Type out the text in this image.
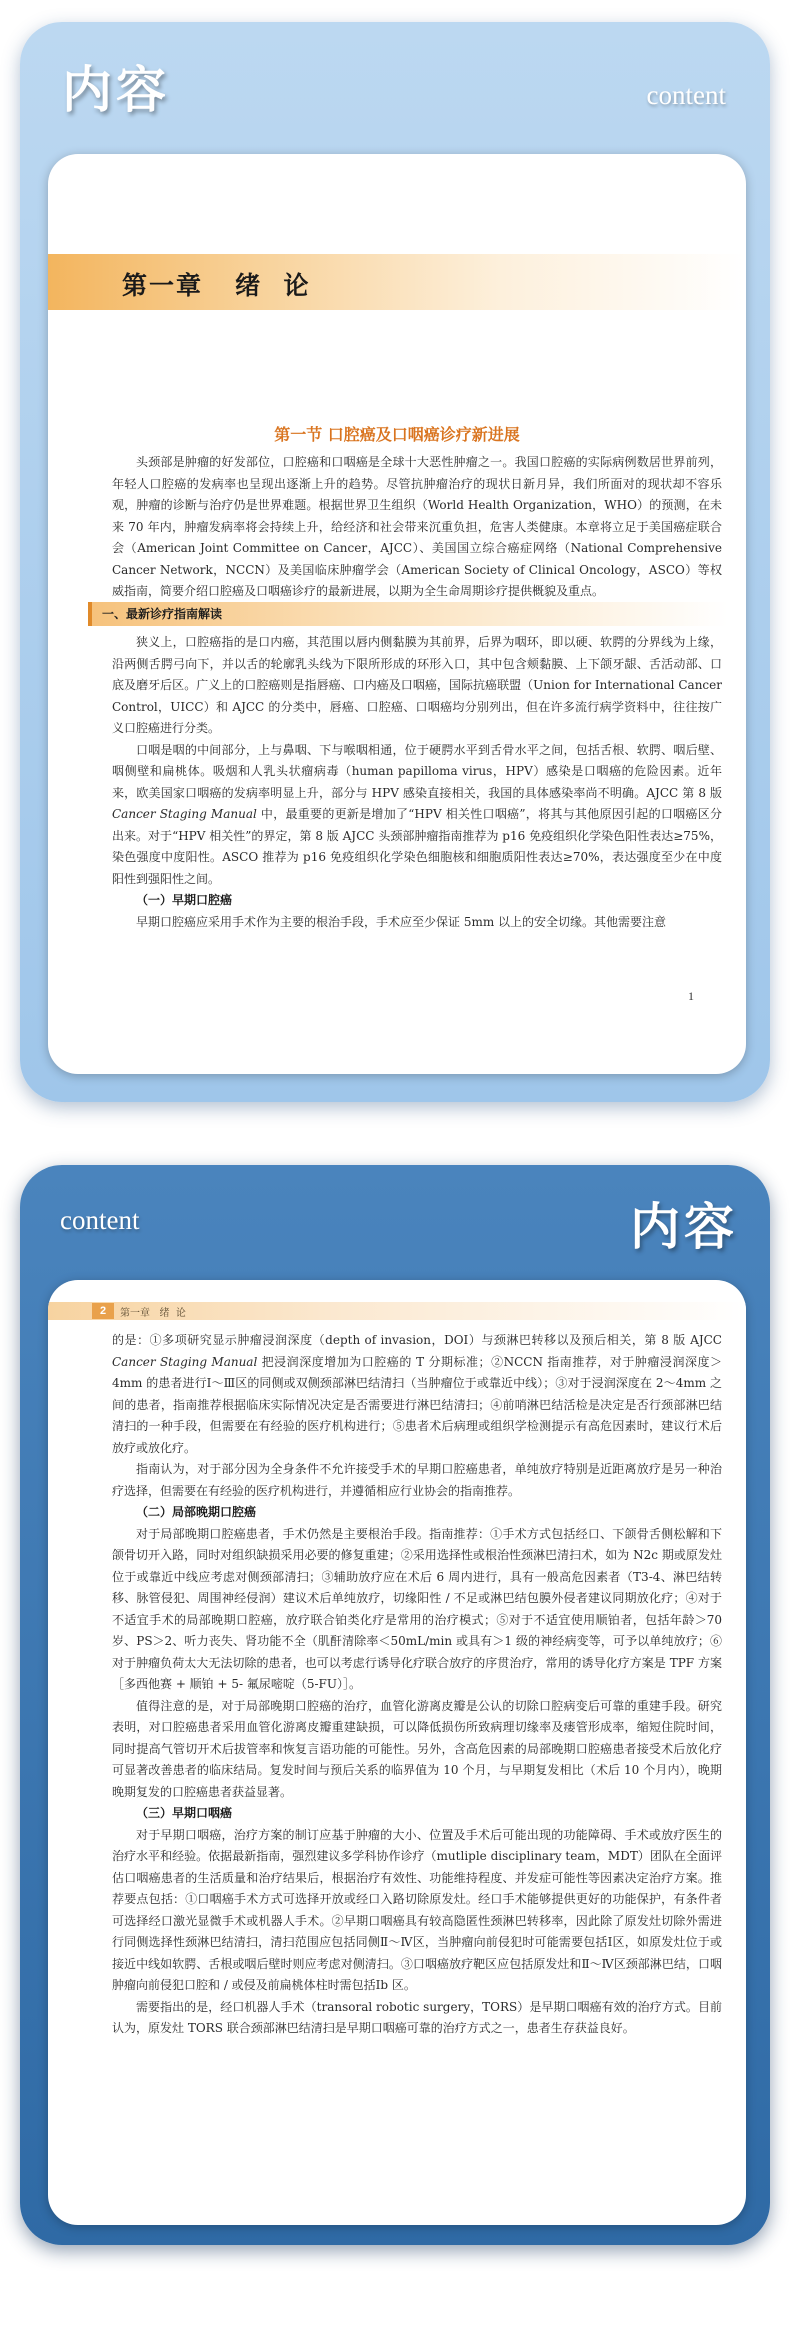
内容	content
第一章   绪  论
第一节 口腔癌及口咽癌诊疗新进展

头颈部是肿瘤的好发部位，口腔癌和口咽癌是全球十大恶性肿瘤之一。我国口腔癌的实际病例数居世界前列，年轻人口腔癌的发病率也呈现出逐渐上升的趋势。尽管抗肿瘤治疗的现状日新月异，我们所面对的现状却不容乐观，肿瘤的诊断与治疗仍是世界难题。根据世界卫生组织（World Health Organization，WHO）的预测，在未来 70 年内，肿瘤发病率将会持续上升，给经济和社会带来沉重负担，危害人类健康。本章将立足于美国癌症联合会（American Joint Committee on Cancer，AJCC）、美国国立综合癌症网络（National Comprehensive Cancer Network，NCCN）及美国临床肿瘤学会（American Society of Clinical Oncology，ASCO）等权威指南，简要介绍口腔癌及口咽癌诊疗的最新进展，以期为全生命周期诊疗提供概貌及重点。

一、最新诊疗指南解读

狭义上，口腔癌指的是口内癌，其范围以唇内侧黏膜为其前界，后界为咽环，即以硬、软腭的分界线为上缘，沿两侧舌腭弓向下，并以舌的轮廓乳头线为下限所形成的环形入口，其中包含颊黏膜、上下颌牙龈、舌活动部、口底及磨牙后区。广义上的口腔癌则是指唇癌、口内癌及口咽癌，国际抗癌联盟（Union for International Cancer Control，UICC）和 AJCC 的分类中，唇癌、口腔癌、口咽癌均分别列出，但在许多流行病学资料中，往往按广义口腔癌进行分类。

口咽是咽的中间部分，上与鼻咽、下与喉咽相通，位于硬腭水平到舌骨水平之间，包括舌根、软腭、咽后壁、咽侧壁和扁桃体。吸烟和人乳头状瘤病毒（human papilloma virus，HPV）感染是口咽癌的危险因素。近年来，欧美国家口咽癌的发病率明显上升，部分与 HPV 感染直接相关，我国的具体感染率尚不明确。AJCC 第 8 版 Cancer Staging Manual 中，最重要的更新是增加了“HPV 相关性口咽癌”，将其与其他原因引起的口咽癌区分出来。对于“HPV 相关性”的界定，第 8 版 AJCC 头颈部肿瘤指南推荐为 p16 免疫组织化学染色阳性表达≥75%，染色强度中度阳性。ASCO 推荐为 p16 免疫组织化学染色细胞核和细胞质阳性表达≥70%，表达强度至少在中度阳性到强阳性之间。

（一）早期口腔癌

早期口腔癌应采用手术作为主要的根治手段，手术应至少保证 5mm 以上的安全切缘。其他需要注意

1
content	内容
2	第一章   绪  论

的是：①多项研究显示肿瘤浸润深度（depth of invasion，DOI）与颈淋巴转移以及预后相关，第 8 版 AJCC Cancer Staging Manual 把浸润深度增加为口腔癌的 T 分期标准；②NCCN 指南推荐，对于肿瘤浸润深度＞4mm 的患者进行Ⅰ～Ⅲ区的同侧或双侧颈部淋巴结清扫（当肿瘤位于或靠近中线）；③对于浸润深度在 2～4mm 之间的患者，指南推荐根据临床实际情况决定是否需要进行淋巴结清扫；④前哨淋巴结活检是决定是否行颈部淋巴结清扫的一种手段，但需要在有经验的医疗机构进行；⑤患者术后病理或组织学检测提示有高危因素时，建议行术后放疗或放化疗。

指南认为，对于部分因为全身条件不允许接受手术的早期口腔癌患者，单纯放疗特别是近距离放疗是另一种治疗选择，但需要在有经验的医疗机构进行，并遵循相应行业协会的指南推荐。

（二）局部晚期口腔癌

对于局部晚期口腔癌患者，手术仍然是主要根治手段。指南推荐：①手术方式包括经口、下颌骨舌侧松解和下颌骨切开入路，同时对组织缺损采用必要的修复重建；②采用选择性或根治性颈淋巴清扫术，如为 N2c 期或原发灶位于或靠近中线应考虑对侧颈部清扫；③辅助放疗应在术后 6 周内进行，具有一般高危因素者（T3-4、淋巴结转移、脉管侵犯、周围神经侵润）建议术后单纯放疗，切缘阳性 / 不足或淋巴结包膜外侵者建议同期放化疗；④对于不适宜手术的局部晚期口腔癌，放疗联合铂类化疗是常用的治疗模式；⑤对于不适宜使用顺铂者，包括年龄＞70 岁、PS＞2、听力丧失、肾功能不全（肌酐清除率＜50mL/min 或具有＞1 级的神经病变等，可予以单纯放疗；⑥对于肿瘤负荷太大无法切除的患者，也可以考虑行诱导化疗联合放疗的序贯治疗，常用的诱导化疗方案是 TPF 方案［多西他赛 + 顺铂 + 5- 氟尿嘧啶（5-FU）］。

值得注意的是，对于局部晚期口腔癌的治疗，血管化游离皮瓣是公认的切除口腔病变后可靠的重建手段。研究表明，对口腔癌患者采用血管化游离皮瓣重建缺损，可以降低损伤所致病理切缘率及瘘管形成率，缩短住院时间，同时提高气管切开术后拔管率和恢复言语功能的可能性。另外，含高危因素的局部晚期口腔癌患者接受术后放化疗可显著改善患者的临床结局。复发时间与预后关系的临界值为 10 个月，与早期复发相比（术后 10 个月内），晚期晚期复发的口腔癌患者获益显著。

（三）早期口咽癌

对于早期口咽癌，治疗方案的制订应基于肿瘤的大小、位置及手术后可能出现的功能障碍、手术或放疗医生的治疗水平和经验。依据最新指南，强烈建议多学科协作诊疗（mutliple disciplinary team，MDT）团队在全面评估口咽癌患者的生活质量和治疗结果后，根据治疗有效性、功能维持程度、并发症可能性等因素决定治疗方案。推荐要点包括：①口咽癌手术方式可选择开放或经口入路切除原发灶。经口手术能够提供更好的功能保护，有条件者可选择经口激光显微手术或机器人手术。②早期口咽癌具有较高隐匿性颈淋巴转移率，因此除了原发灶切除外需进行同侧选择性颈淋巴结清扫，清扫范围应包括同侧Ⅱ～Ⅳ区，当肿瘤向前侵犯时可能需要包括Ⅰ区，如原发灶位于或接近中线如软腭、舌根或咽后壁时则应考虑对侧清扫。③口咽癌放疗靶区应包括原发灶和Ⅱ～Ⅳ区颈部淋巴结，口咽肿瘤向前侵犯口腔和 / 或侵及前扁桃体柱时需包括Ⅰb 区。

需要指出的是，经口机器人手术（transoral robotic surgery，TORS）是早期口咽癌有效的治疗方式。目前认为，原发灶 TORS 联合颈部淋巴结清扫是早期口咽癌可靠的治疗方式之一，患者生存获益良好。
